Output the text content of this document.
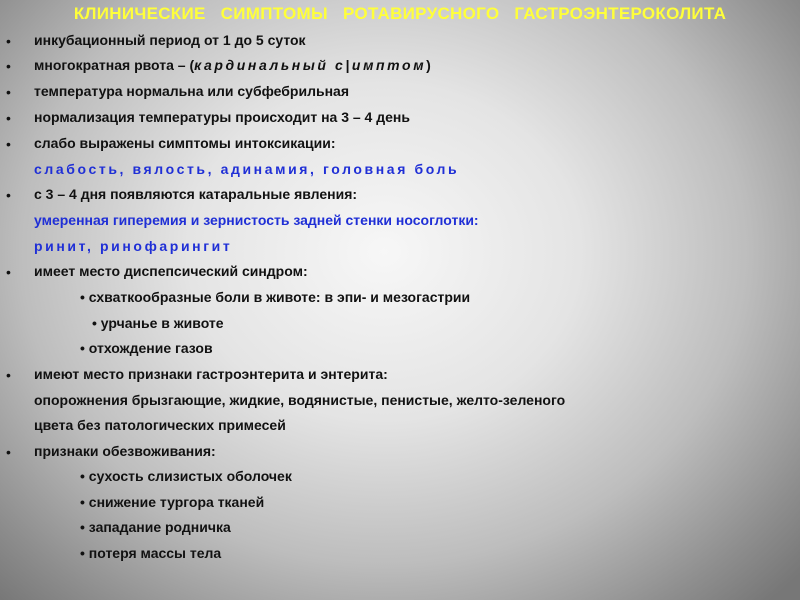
КЛИНИЧЕСКИЕ СИМПТОМЫ РОТАВИРУСНОГО ГАСТРОЭНТЕРОКОЛИТА
• инкубационный период от 1 до 5 суток
• многократная рвота – (кардинальный с|имптом)
• температура нормальна или субфебрильная
• нормализация температуры происходит на 3 – 4 день
• слабо выражены симптомы интоксикации:
слабость, вялость, адинамия, головная боль
• с 3 – 4 дня появляются катаральные явления:
умеренная гиперемия и зернистость задней стенки носоглотки:
ринит, ринофарингит
• имеет место диспепсический синдром:
• схваткообразные боли в животе: в эпи- и мезогастрии
• урчанье в животе
• отхождение газов
• имеют место признаки гастроэнтерита и энтерита:
опорожнения брызгающие, жидкие, водянистые, пенистые, желто-зеленого
цвета без патологических примесей
• признаки обезвоживания:
• сухость слизистых оболочек
• снижение тургора тканей
• западание родничка
• потеря массы тела
